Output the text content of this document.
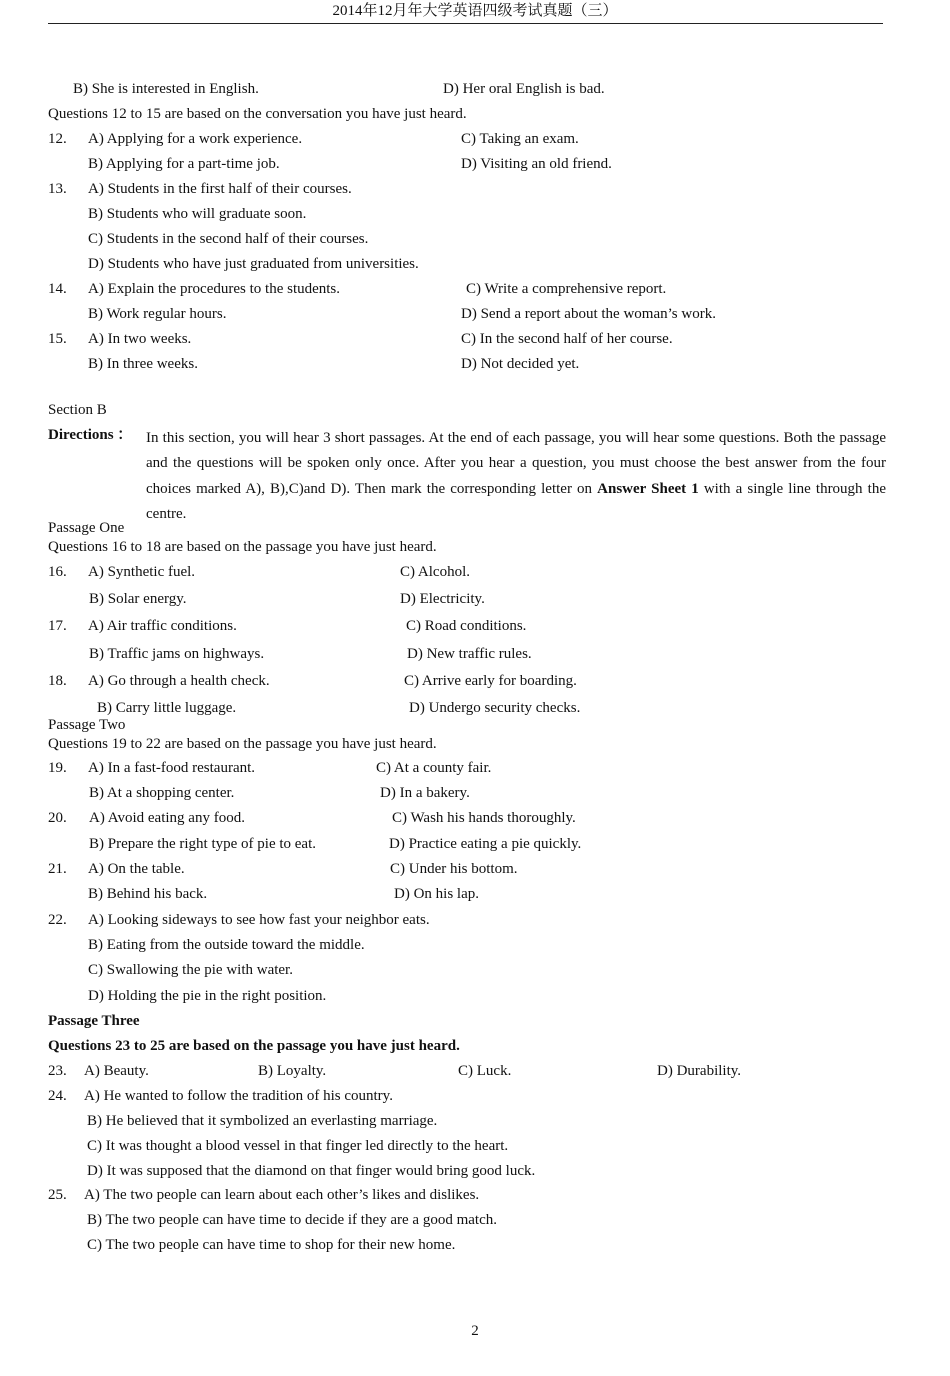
2014年12月年大学英语四级考试真题（三）
B) She is interested in English.	D) Her oral English is bad.
Questions 12 to 15 are based on the conversation you have just heard.
12. A) Applying for a work experience.	C) Taking an exam.
B) Applying for a part-time job.	D) Visiting an old friend.
13. A) Students in the first half of their courses.
B) Students who will graduate soon.
C) Students in the second half of their courses.
D) Students who have just graduated from universities.
14. A) Explain the procedures to the students.	C) Write a comprehensive report.
B) Work regular hours.	D) Send a report about the woman’s work.
15. A) In two weeks.	C) In the second half of her course.
B) In three weeks.	D) Not decided yet.
Section B
Directions ： In this section, you will hear 3 short passages. At the end of each passage, you will hear some questions. Both the passage and the questions will be spoken only once. After you hear a question, you must choose the best answer from the four choices marked A), B),C)and D). Then mark the corresponding letter on Answer Sheet 1 with a single line through the centre.
Passage One
Questions 16 to 18 are based on the passage you have just heard.
16. A) Synthetic fuel.	C) Alcohol.
B) Solar energy.	D) Electricity.
17. A) Air traffic conditions.	C) Road conditions.
B) Traffic jams on highways.	D) New traffic rules.
18. A) Go through a health check.	C) Arrive early for boarding.
B) Carry little luggage.	D) Undergo security checks.
Passage Two
Questions 19 to 22 are based on the passage you have just heard.
19. A) In a fast-food restaurant.	C) At a county fair.
B) At a shopping center.	D) In a bakery.
20. A) Avoid eating any food.	C) Wash his hands thoroughly.
B) Prepare the right type of pie to eat.	D) Practice eating a pie quickly.
21. A) On the table.	C) Under his bottom.
B) Behind his back.	D) On his lap.
22. A) Looking sideways to see how fast your neighbor eats.
B) Eating from the outside toward the middle.
C) Swallowing the pie with water.
D) Holding the pie in the right position.
Passage Three
Questions 23 to 25 are based on the passage you have just heard.
23. A) Beauty.	B) Loyalty.	C) Luck.	D) Durability.
24. A) He wanted to follow the tradition of his country.
B) He believed that it symbolized an everlasting marriage.
C) It was thought a blood vessel in that finger led directly to the heart.
D) It was supposed that the diamond on that finger would bring good luck.
25. A) The two people can learn about each other’s likes and dislikes.
B) The two people can have time to decide if they are a good match.
C) The two people can have time to shop for their new home.
2
